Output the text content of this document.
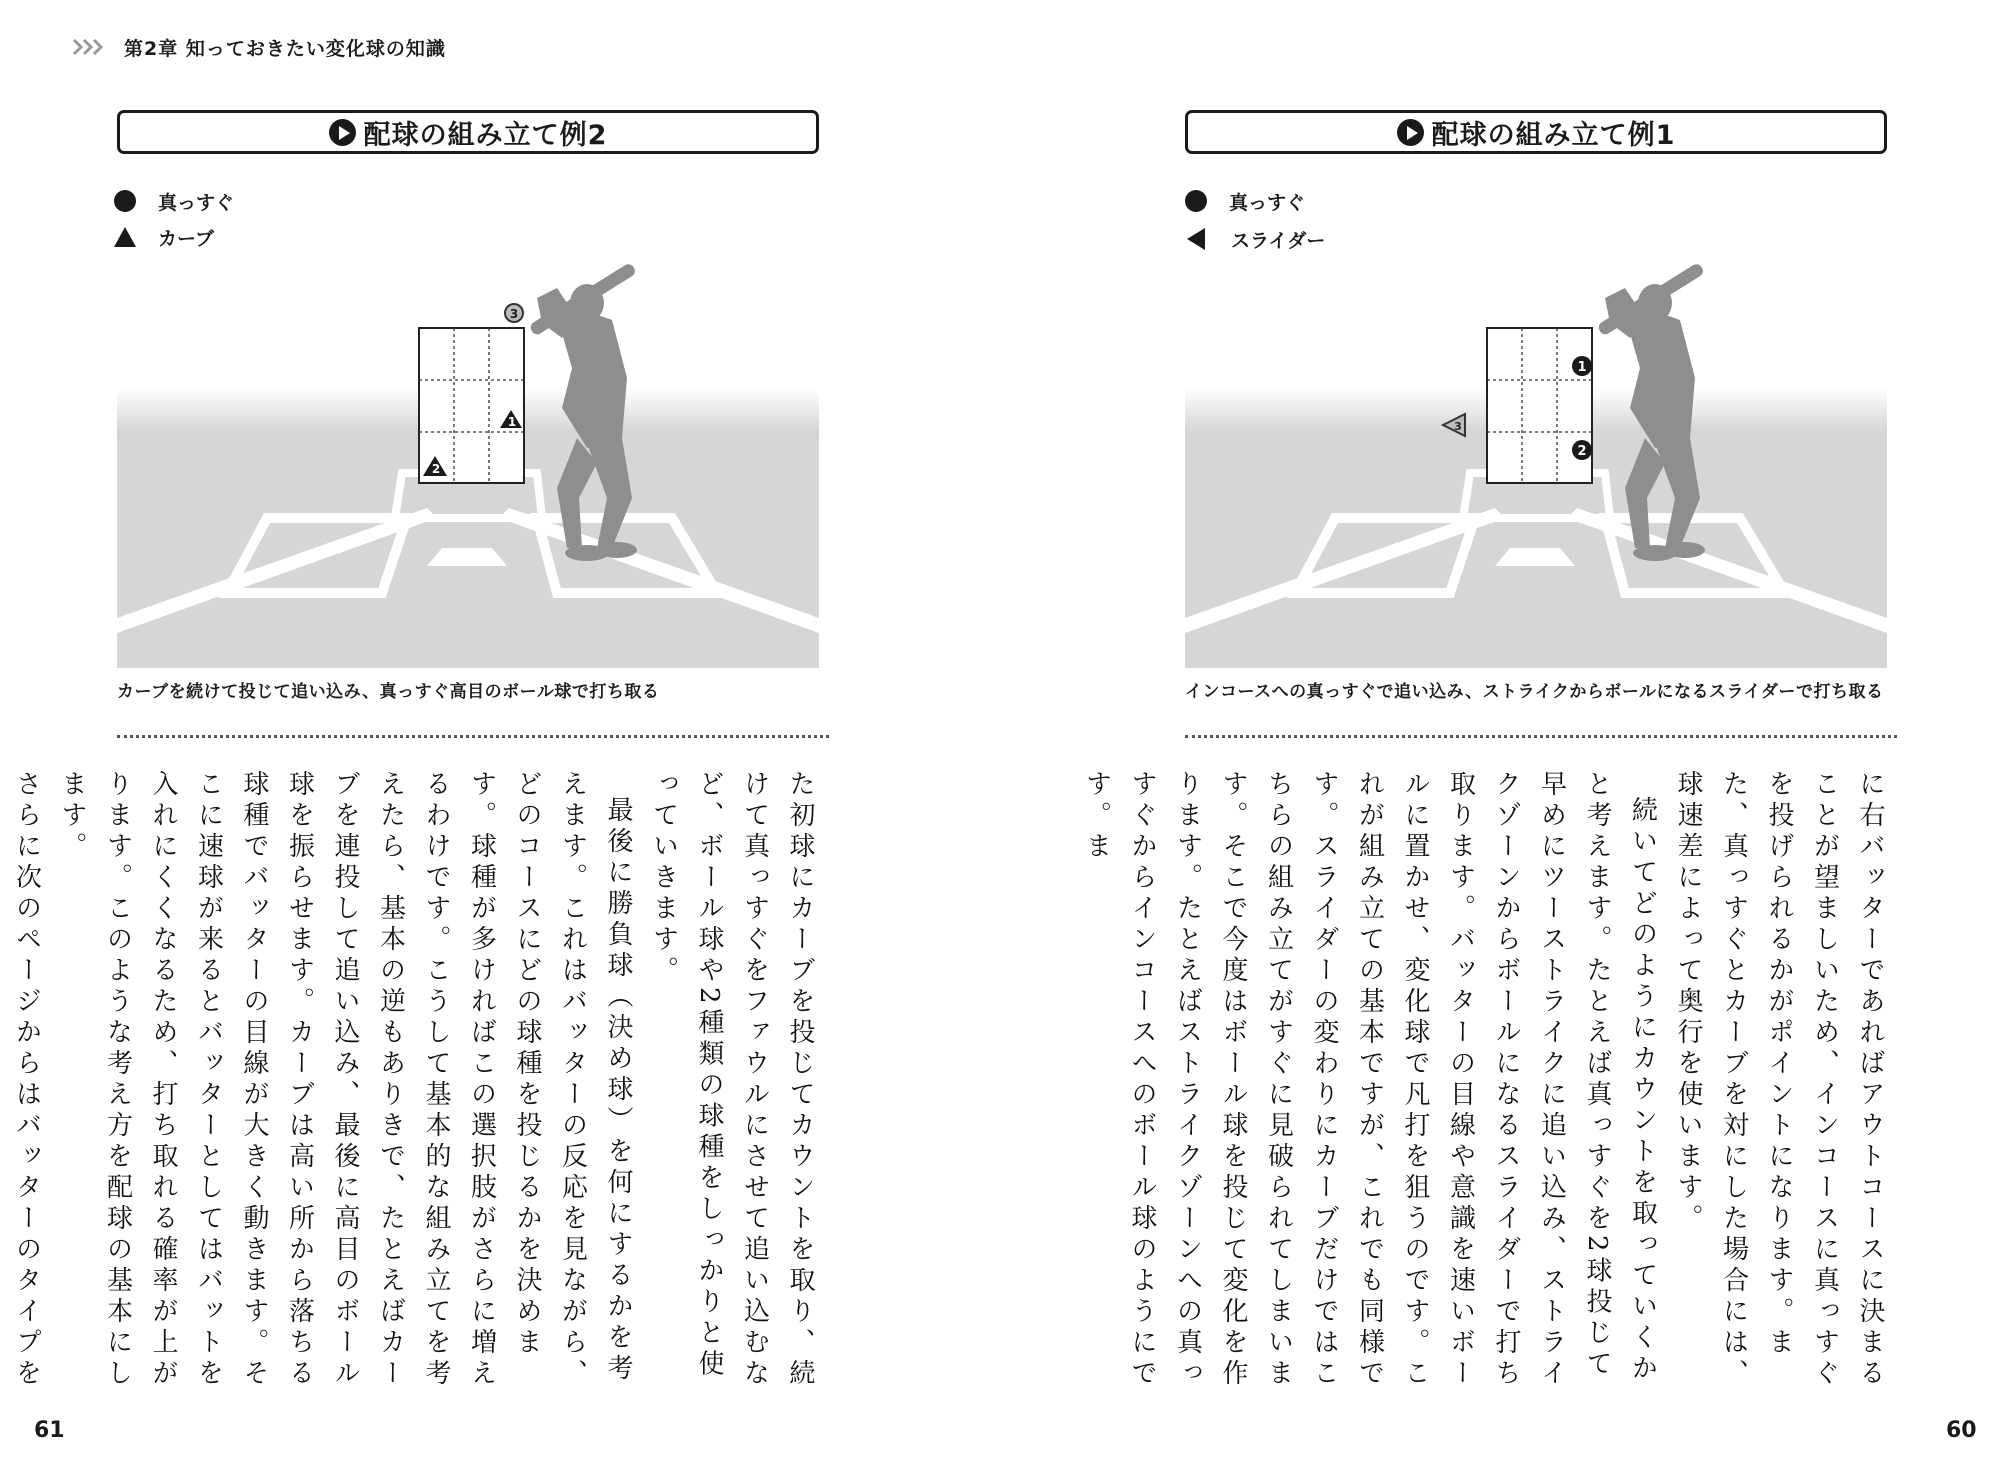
第2章 知っておきたい変化球の知識
配球の組み立て例2
真っすぐ
カーブ
1
2
3
カーブを続けて投じて追い込み、真っすぐ高目のボール球で打ち取る

た初球にカーブを投じてカウントを取り、続けて真っすぐをファウルにさせて追い込むなど、ボール球や2種類の球種をしっかりと使っていきます。

最後に勝負球（決め球）を何にするかを考えます。これはバッターの反応を見ながら、どのコースにどの球種を投じるかを決めます。球種が多ければこの選択肢がさらに増えるわけです。こうして基本的な組み立てを考えたら、基本の逆もありきで、たとえばカーブを連投して追い込み、最後に高目のボール球を振らせます。カーブは高い所から落ちる球種でバッターの目線が大きく動きます。そこに速球が来るとバッターとしてはバットを入れにくくなるため、打ち取れる確率が上がります。このような考え方を配球の基本にします。

さらに次のページからはバッターのタイプを

61
配球の組み立て例1
真っすぐ
スライダー
1
2
3
インコースへの真っすぐで追い込み、ストライクからボールになるスライダーで打ち取る

に右バッターであればアウトコースに決まることが望ましいため、インコースに真っすぐを投げられるかがポイントになります。また、真っすぐとカーブを対にした場合には、球速差によって奥行を使います。

続いてどのようにカウントを取っていくかと考えます。たとえば真っすぐを2球投じて早めにツーストライクに追い込み、ストライクゾーンからボールになるスライダーで打ち取ります。バッターの目線や意識を速いボールに置かせ、変化球で凡打を狙うのです。これが組み立ての基本ですが、これでも同様です。スライダーの変わりにカーブだけではこちらの組み立てがすぐに見破られてしまいます。そこで今度はボール球を投じて変化を作ります。たとえばストライクゾーンへの真っすぐからインコースへのボール球のようにです。ま

60
